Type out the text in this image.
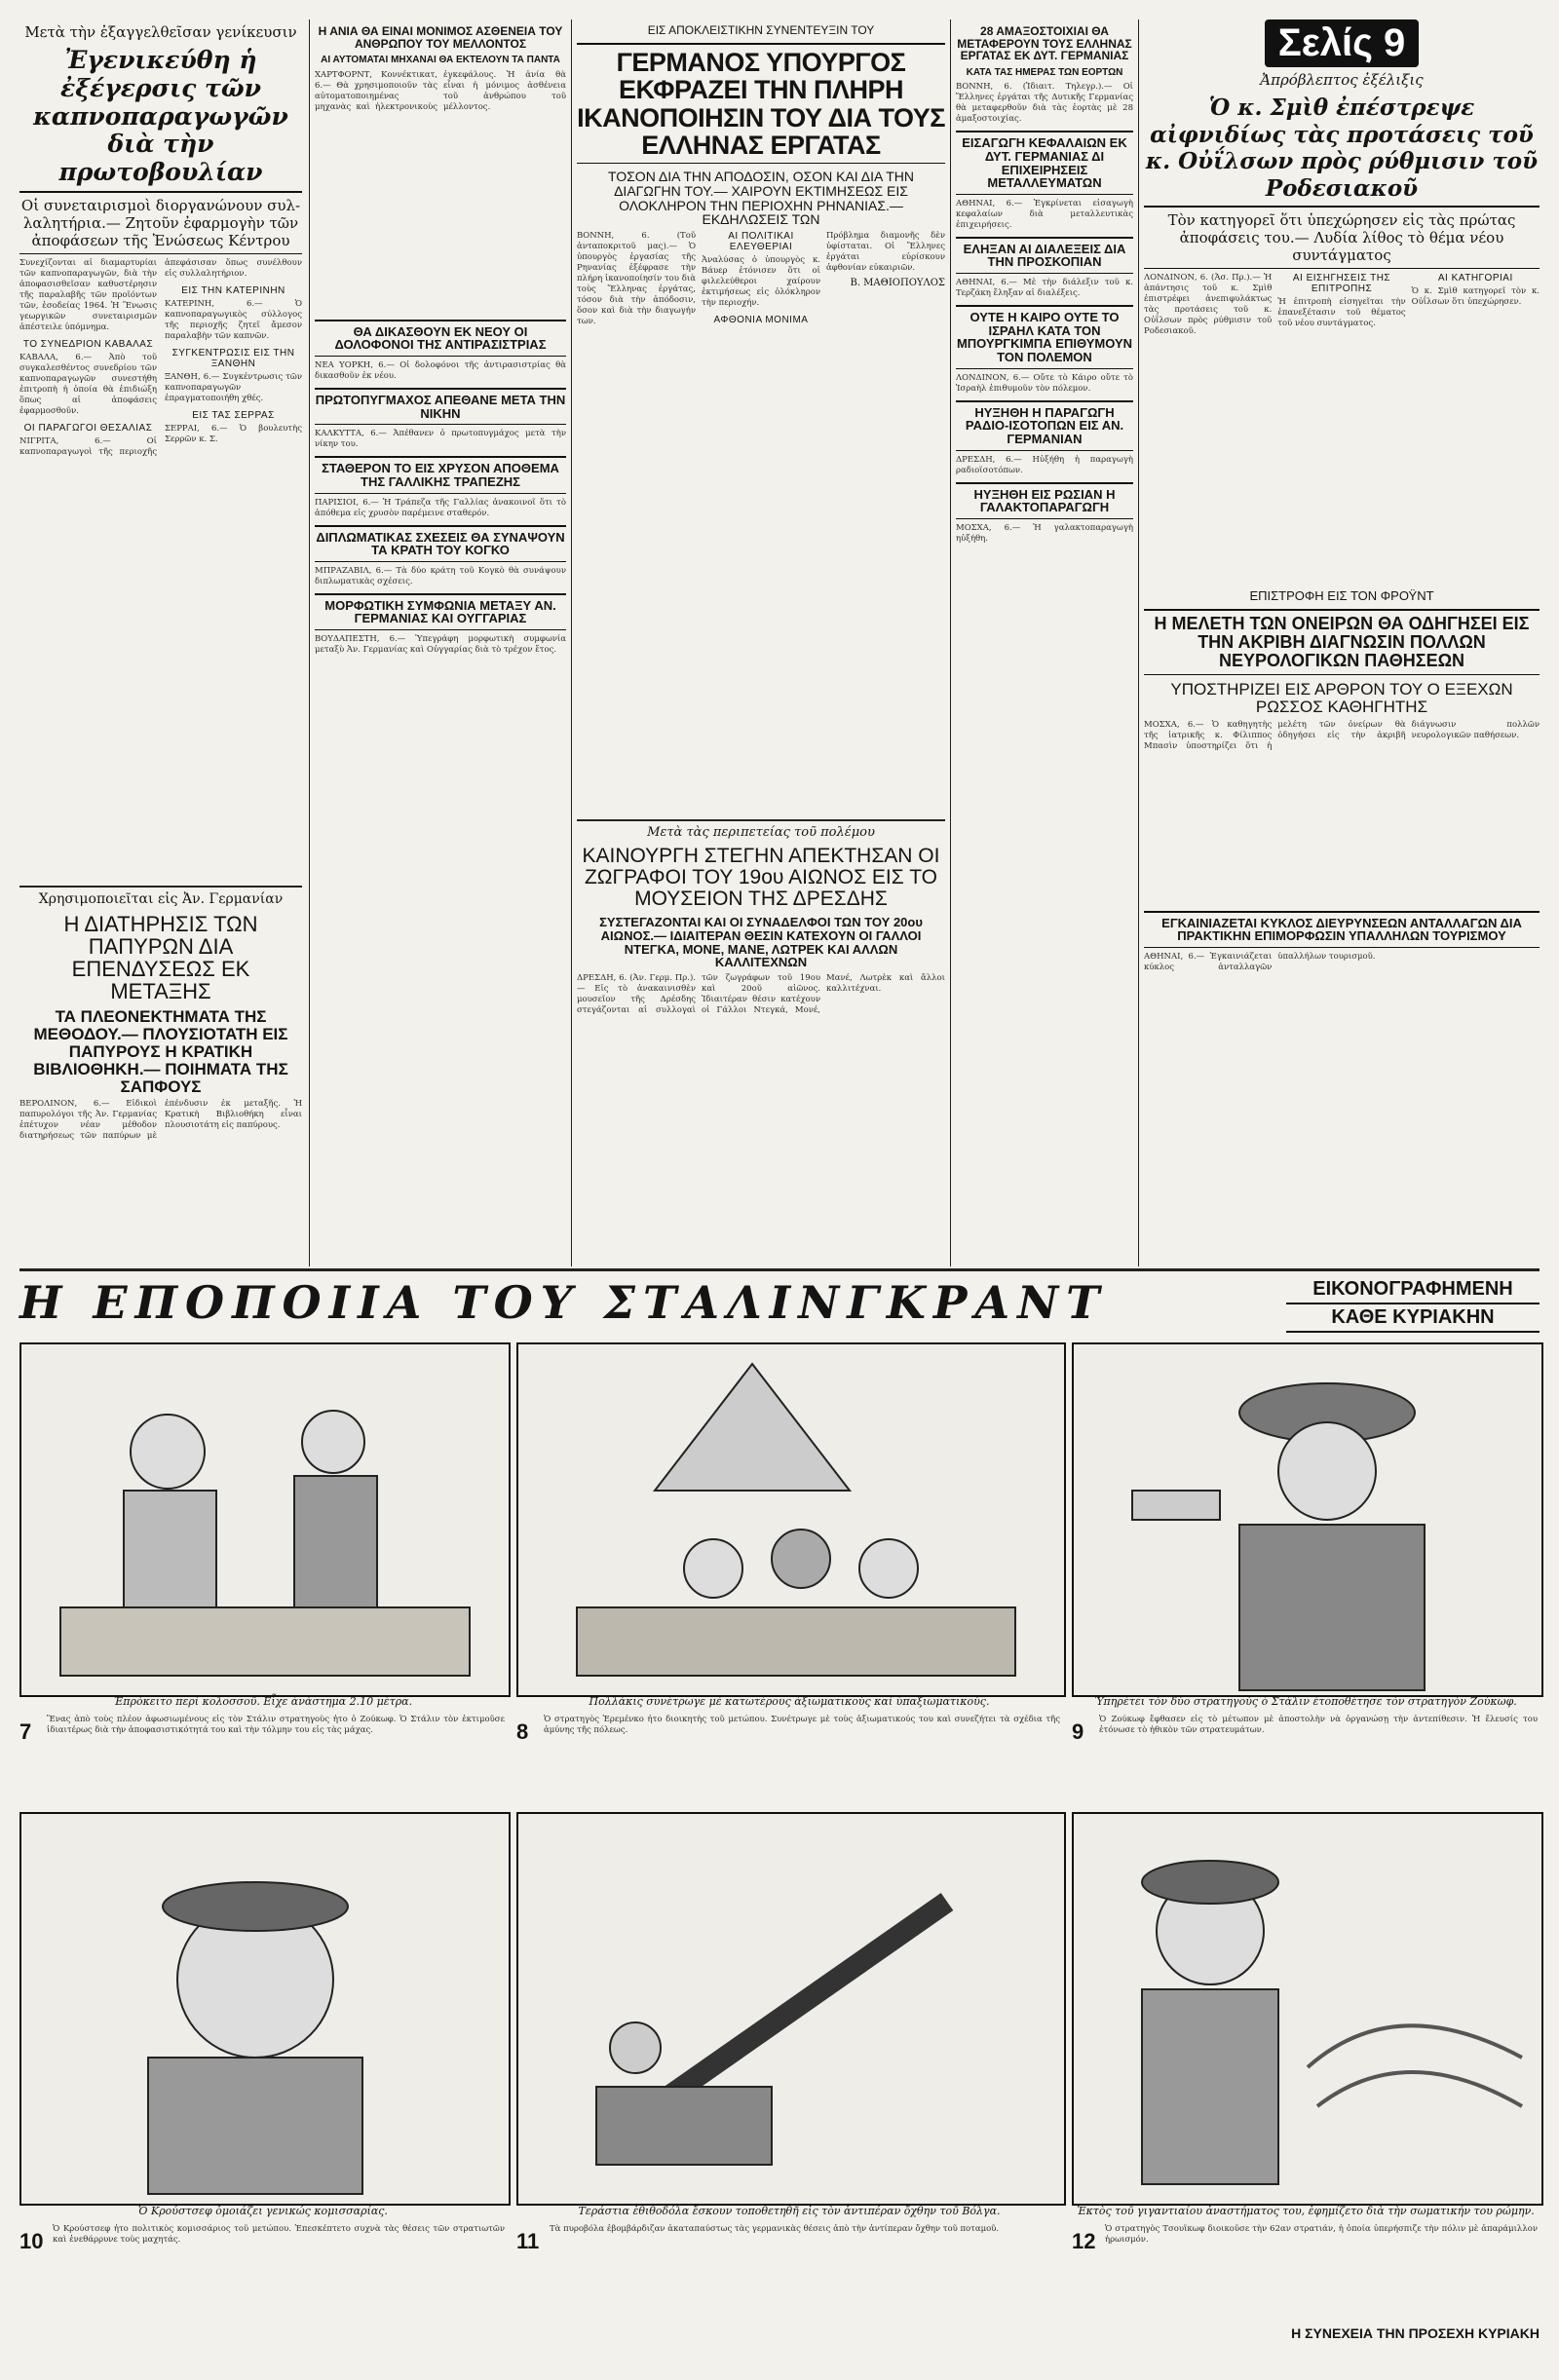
Μετὰ τὴν ἐξαγγελθεῖσαν γενίκευσιν
Ἐγενικεύθη ἡ ἐξέγερσις τῶν καπνοπαραγωγῶν διὰ τὴν πρωτοβουλίαν
Οἱ συνεταιρισμοὶ διοργανώνουν συλ-λαλητήρια.— Ζητοῦν ἐφαρμογὴν τῶν ἀποφάσεων τῆς Ἑνώσεως Κέντρου

Συνεχίζονται αἱ διαμαρτυρίαι τῶν καπνοπαραγωγῶν, διὰ τὴν ἀποφασισθεῖσαν καθυστέρησιν τῆς παραλαβῆς τῶν προϊόντων τῶν, ἐσοδείας 1964. Ἡ Ἕνωσις γεωργικῶν συνεταιρισμῶν ἀπέστειλε ὑπόμνημα.

ΤΟ ΣΥΝΕΔΡΙΟΝ ΚΑΒΑΛΑΣ

ΚΑΒΑΛΑ, 6.— Ἀπὸ τοῦ συγκαλεσθέντος συνεδρίου τῶν καπνοπαραγωγῶν συνεστήθη ἐπιτροπὴ ἡ ὁποία θὰ ἐπιδιώξη ὅπως αἱ ἀποφάσεις ἐφαρμοσθοῦν.

ΟΙ ΠΑΡΑΓΩΓΟΙ ΘΕΣΑΛΙΑΣ

ΝΙΓΡΙΤΑ, 6.— Οἱ καπνοπαραγωγοὶ τῆς περιοχῆς ἀπεφάσισαν ὅπως συνέλθουν εἰς συλλαλητήριον.

ΕΙΣ ΤΗΝ ΚΑΤΕΡΙΝΗΝ

ΚΑΤΕΡΙΝΗ, 6.— Ὁ καπνοπαραγωγικὸς σύλλογος τῆς περιοχῆς ζητεῖ ἄμεσον παραλαβὴν τῶν καπνῶν.

ΣΥΓΚΕΝΤΡΩΣΙΣ ΕΙΣ ΤΗΝ ΞΑΝΘΗΝ

ΞΑΝΘΗ, 6.— Συγκέντρωσις τῶν καπνοπαραγωγῶν ἐπραγματοποιήθη χθές.

ΕΙΣ ΤΑΣ ΣΕΡΡΑΣ

ΣΕΡΡΑΙ, 6.— Ὁ βουλευτὴς Σερρῶν κ. Σ.

Χρησιμοποιεῖται εἰς Ἀν. Γερμανίαν
Η ΔΙΑΤΗΡΗΣΙΣ ΤΩΝ ΠΑΠΥΡΩΝ ΔΙΑ ΕΠΕΝΔΥΣΕΩΣ ΕΚ ΜΕΤΑΞΗΣ
ΤΑ ΠΛΕΟΝΕΚΤΗΜΑΤΑ ΤΗΣ ΜΕΘΟΔΟΥ.— ΠΛΟΥΣΙΟΤΑΤΗ ΕΙΣ ΠΑΠΥΡΟΥΣ Η ΚΡΑΤΙΚΗ ΒΙΒΛΙΟΘΗΚΗ.— ΠΟΙΗΜΑΤΑ ΤΗΣ ΣΑΠΦΟΥΣ

ΒΕΡΟΛΙΝΟΝ, 6.— Εἰδικοὶ παπυρολόγοι τῆς Ἀν. Γερμανίας ἐπέτυχον νέαν μέθοδον διατηρήσεως τῶν παπύρων μὲ ἐπένδυσιν ἐκ μεταξῆς. Ἡ Κρατικὴ Βιβλιοθήκη εἶναι πλουσιοτάτη εἰς παπύρους.

Η ΑΝΙΑ ΘΑ ΕΙΝΑΙ ΜΟΝΙΜΟΣ ΑΣΘΕΝΕΙΑ ΤΟΥ ΑΝΘΡΩΠΟΥ ΤΟΥ ΜΕΛΛΟΝΤΟΣ
ΑΙ ΑΥΤΟΜΑΤΑΙ ΜΗΧΑΝΑΙ ΘΑ ΕΚΤΕΛΟΥΝ ΤΑ ΠΑΝΤΑ

ΧΑΡΤΦΟΡΝΤ, Κοννέκτικατ, 6.— Θὰ χρησιμοποιοῦν τὰς αὐτοματοποιημένας μηχανὰς καὶ ἡλεκτρονικοὺς ἐγκεφάλους. Ἡ ἀνία θὰ εἶναι ἡ μόνιμος ἀσθένεια τοῦ ἀνθρώπου τοῦ μέλλοντος.

ΘΑ ΔΙΚΑΣΘΟΥΝ ΕΚ ΝΕΟΥ ΟΙ ΔΟΛΟΦΟΝΟΙ ΤΗΣ ΑΝΤΙΡΑΣΙΣΤΡΙΑΣ

ΝΕΑ ΥΟΡΚΗ, 6.— Οἱ δολοφόνοι τῆς ἀντιρασιστρίας θὰ δικασθοῦν ἐκ νέου.

ΠΡΩΤΟΠΥΓΜΑΧΟΣ ΑΠΕΘΑΝΕ ΜΕΤΑ ΤΗΝ ΝΙΚΗΝ

ΚΑΛΚΥΤΤΑ, 6.— Ἀπέθανεν ὁ πρωτοπυγμάχος μετὰ τὴν νίκην του.

ΣΤΑΘΕΡΟΝ ΤΟ ΕΙΣ ΧΡΥΣΟΝ ΑΠΟΘΕΜΑ ΤΗΣ ΓΑΛΛΙΚΗΣ ΤΡΑΠΕΖΗΣ

ΠΑΡΙΣΙΟΙ, 6.— Ἡ Τράπεζα τῆς Γαλλίας ἀνακοινοῖ ὅτι τὸ ἀπόθεμα εἰς χρυσὸν παρέμεινε σταθερόν.

ΔΙΠΛΩΜΑΤΙΚΑΣ ΣΧΕΣΕΙΣ ΘΑ ΣΥΝΑΨΟΥΝ ΤΑ ΚΡΑΤΗ ΤΟΥ ΚΟΓΚΟ

ΜΠΡΑΖΑΒΙΛ, 6.— Τὰ δύο κράτη τοῦ Κογκὸ θὰ συνάψουν διπλωματικὰς σχέσεις.

ΜΟΡΦΩΤΙΚΗ ΣΥΜΦΩΝΙΑ ΜΕΤΑΞΥ ΑΝ. ΓΕΡΜΑΝΙΑΣ ΚΑΙ ΟΥΓΓΑΡΙΑΣ

ΒΟΥΔΑΠΕΣΤΗ, 6.— Ὑπεγράφη μορφωτικὴ συμφωνία μεταξὺ Ἀν. Γερμανίας καὶ Οὐγγαρίας διὰ τὸ τρέχον ἔτος.

ΕΙΣ ΑΠΟΚΛΕΙΣΤΙΚΗΝ ΣΥΝΕΝΤΕΥΞΙΝ ΤΟΥ
ΓΕΡΜΑΝΟΣ ΥΠΟΥΡΓΟΣ ΕΚΦΡΑΖΕΙ ΤΗΝ ΠΛΗΡΗ ΙΚΑΝΟΠΟΙΗΣΙΝ ΤΟΥ ΔΙΑ ΤΟΥΣ ΕΛΛΗΝΑΣ ΕΡΓΑΤΑΣ
ΤΟΣΟΝ ΔΙΑ ΤΗΝ ΑΠΟΔΟΣΙΝ, ΟΣΟΝ ΚΑΙ ΔΙΑ ΤΗΝ ΔΙΑΓΩΓΗΝ ΤΟΥ.— ΧΑΙΡΟΥΝ ΕΚΤΙΜΗΣΕΩΣ ΕΙΣ ΟΛΟΚΛΗΡΟΝ ΤΗΝ ΠΕΡΙΟΧΗΝ ΡΗΝΑΝΙΑΣ.— ΕΚΔΗΛΩΣΕΙΣ ΤΩΝ

ΒΟΝΝΗ, 6. (Τοῦ ἀνταποκριτοῦ μας).— Ὁ ὑπουργὸς ἐργασίας τῆς Ρηνανίας ἐξέφρασε τὴν πλήρη ἱκανοποίησίν του διὰ τοὺς Ἕλληνας ἐργάτας, τόσον διὰ τὴν ἀπόδοσιν, ὅσον καὶ διὰ τὴν διαγωγήν των.

ΑΙ ΠΟΛΙΤΙΚΑΙ ΕΛΕΥΘΕΡΙΑΙ

Ἀναλύσας ὁ ὑπουργὸς κ. Βάυερ ἐτόνισεν ὅτι οἱ φιλελεύθεροι χαίρουν ἐκτιμήσεως εἰς ὁλόκληρον τὴν περιοχήν.

ΑΦΘΟΝΙΑ ΜΟΝΙΜΑ

Πρόβλημα διαμονῆς δὲν ὑφίσταται. Οἱ Ἕλληνες ἐργάται εὑρίσκουν ἀφθονίαν εὐκαιριῶν.

Β. ΜΑΘΙΟΠΟΥΛΟΣ
Μετὰ τὰς περιπετείας τοῦ πολέμου
ΚΑΙΝΟΥΡΓΗ ΣΤΕΓΗΝ ΑΠΕΚΤΗΣΑΝ ΟΙ ΖΩΓΡΑΦΟΙ ΤΟΥ 19ου ΑΙΩΝΟΣ ΕΙΣ ΤΟ ΜΟΥΣΕΙΟΝ ΤΗΣ ΔΡΕΣΔΗΣ
ΣΥΣΤΕΓΑΖΟΝΤΑΙ ΚΑΙ ΟΙ ΣΥΝΑΔΕΛΦΟΙ ΤΩΝ ΤΟΥ 20ου ΑΙΩΝΟΣ.— ΙΔΙΑΙΤΕΡΑΝ ΘΕΣΙΝ ΚΑΤΕΧΟΥΝ ΟΙ ΓΑΛΛΟΙ ΝΤΕΓΚΑ, ΜΟΝΕ, ΜΑΝΕ, ΛΩΤΡΕΚ ΚΑΙ ΑΛΛΩΝ ΚΑΛΛΙΤΕΧΝΩΝ

ΔΡΕΣΔΗ, 6. (Ἀν. Γερμ. Πρ.).— Εἰς τὸ ἀνακαινισθὲν μουσεῖον τῆς Δρέσδης στεγάζονται αἱ συλλογαὶ τῶν ζωγράφων τοῦ 19ου καὶ 20οῦ αἰῶνος. Ἰδιαιτέραν θέσιν κατέχουν οἱ Γάλλοι Ντεγκά, Μονέ, Μανέ, Λωτρὲκ καὶ ἄλλοι καλλιτέχναι.

28 ΑΜΑΞΟΣΤΟΙΧΙΑΙ ΘΑ ΜΕΤΑΦΕΡΟΥΝ ΤΟΥΣ ΕΛΛΗΝΑΣ ΕΡΓΑΤΑΣ ΕΚ ΔΥΤ. ΓΕΡΜΑΝΙΑΣ
ΚΑΤΑ ΤΑΣ ΗΜΕΡΑΣ ΤΩΝ ΕΟΡΤΩΝ

ΒΟΝΝΗ, 6. (Ἰδιαιτ. Τηλεγρ.).— Οἱ Ἕλληνες ἐργάται τῆς Δυτικῆς Γερμανίας θὰ μεταφερθοῦν διὰ τὰς ἑορτὰς μὲ 28 ἀμαξοστοιχίας.

ΕΙΣΑΓΩΓΗ ΚΕΦΑΛΑΙΩΝ ΕΚ ΔΥΤ. ΓΕΡΜΑΝΙΑΣ ΔΙ ΕΠΙΧΕΙΡΗΣΕΙΣ ΜΕΤΑΛΛΕΥΜΑΤΩΝ

ΑΘΗΝΑΙ, 6.— Ἐγκρίνεται εἰσαγωγὴ κεφαλαίων διὰ μεταλλευτικὰς ἐπιχειρήσεις.

ΕΛΗΞΑΝ ΑΙ ΔΙΑΛΕΞΕΙΣ ΔΙΑ ΤΗΝ ΠΡΟΣΚΟΠΙΑΝ

ΑΘΗΝΑΙ, 6.— Μὲ τὴν διάλεξιν τοῦ κ. Τερζάκη ἔληξαν αἱ διαλέξεις.

ΟΥΤΕ Η ΚΑΙΡΟ ΟΥΤΕ ΤΟ ΙΣΡΑΗΛ ΚΑΤΑ ΤΟΝ ΜΠΟΥΡΓΚΙΜΠΑ ΕΠΙΘΥΜΟΥΝ ΤΟΝ ΠΟΛΕΜΟΝ

ΛΟΝΔΙΝΟΝ, 6.— Οὔτε τὸ Κάιρο οὔτε τὸ Ἰσραὴλ ἐπιθυμοῦν τὸν πόλεμον.

ΗΥΞΗΘΗ Η ΠΑΡΑΓΩΓΗ ΡΑΔΙΟ-ΙΣΟΤΟΠΩΝ ΕΙΣ ΑΝ. ΓΕΡΜΑΝΙΑΝ

ΔΡΕΣΔΗ, 6.— Ηὐξήθη ἡ παραγωγὴ ραδιοϊσοτόπων.

ΗΥΞΗΘΗ ΕΙΣ ΡΩΣΙΑΝ Η ΓΑΛΑΚΤΟΠΑΡΑΓΩΓΗ

ΜΟΣΧΑ, 6.— Ἡ γαλακτοπαραγωγὴ ηὐξήθη.

Σελίς 9
Ἀπρόβλεπτος ἐξέλιξις
Ὁ κ. Σμὶθ ἐπέστρεψε αἰφνιδίως τὰς προτάσεις τοῦ κ. Οὐΐλσων πρὸς ρύθμισιν τοῦ Ροδεσιακοῦ
Τὸν κατηγορεῖ ὅτι ὑπεχώρησεν εἰς τὰς πρώτας ἀποφάσεις του.— Λυδία λίθος τὸ θέμα νέου συντάγματος

ΛΟΝΔΙΝΟΝ, 6. (Ἀσ. Πρ.).— Ἡ ἀπάντησις τοῦ κ. Σμὶθ ἐπιστρέφει ἀνεπιφυλάκτως τὰς προτάσεις τοῦ κ. Οὐΐλσων πρὸς ρύθμισιν τοῦ Ροδεσιακοῦ.

ΑΙ ΕΙΣΗΓΗΣΕΙΣ ΤΗΣ ΕΠΙΤΡΟΠΗΣ

Ἡ ἐπιτροπὴ εἰσηγεῖται τὴν ἐπανεξέτασιν τοῦ θέματος τοῦ νέου συντάγματος.

ΑΙ ΚΑΤΗΓΟΡΙΑΙ

Ὁ κ. Σμὶθ κατηγορεῖ τὸν κ. Οὐΐλσων ὅτι ὑπεχώρησεν.

ΕΠΙΣΤΡΟΦΗ ΕΙΣ ΤΟΝ ΦΡΟΫΝΤ
Η ΜΕΛΕΤΗ ΤΩΝ ΟΝΕΙΡΩΝ ΘΑ ΟΔΗΓΗΣΕΙ ΕΙΣ ΤΗΝ ΑΚΡΙΒΗ ΔΙΑΓΝΩΣΙΝ ΠΟΛΛΩΝ ΝΕΥΡΟΛΟΓΙΚΩΝ ΠΑΘΗΣΕΩΝ
ΥΠΟΣΤΗΡΙΖΕΙ ΕΙΣ ΑΡΘΡΟΝ ΤΟΥ Ο ΕΞΕΧΩΝ ΡΩΣΣΟΣ ΚΑΘΗΓΗΤΗΣ

ΜΟΣΧΑ, 6.— Ὁ καθηγητὴς τῆς ἰατρικῆς κ. Φίλιππος Μπασὶν ὑποστηρίζει ὅτι ἡ μελέτη τῶν ὀνείρων θὰ ὁδηγήσει εἰς τὴν ἀκριβῆ διάγνωσιν πολλῶν νευρολογικῶν παθήσεων.

ΕΓΚΑΙΝΙΑΖΕΤΑΙ ΚΥΚΛΟΣ ΔΙΕΥΡΥΝΣΕΩΝ ΑΝΤΑΛΛΑΓΩΝ ΔΙΑ ΠΡΑΚΤΙΚΗΝ ΕΠΙΜΟΡΦΩΣΙΝ ΥΠΑΛΛΗΛΩΝ ΤΟΥΡΙΣΜΟΥ

ΑΘΗΝΑΙ, 6.— Ἐγκαινιάζεται κύκλος ἀνταλλαγῶν ὑπαλλήλων τουρισμοῦ.

Η ΕΠΟΠΟΙΙΑ ΤΟΥ ΣΤΑΛΙΝΓΚΡΑΝΤ	ΕΙΚΟΝΟΓΡΑΦΗΜΕΝΗ
ΚΑΘΕ ΚΥΡΙΑΚΗΝ
Ἐπρόκειτο περὶ κολοσσοῦ. Εἶχε ἀνάστημα 2.10 μέτρα.	Πολλάκις συνέτρωγε μὲ κατωτέρους ἀξιωματικοὺς καὶ ὑπαξιωματικούς.	Ὑπηρέτει τὸν δύο στρατηγοὺς ὁ Στάλιν ἐτοποθέτησε τὸν στρατηγὸν Ζούκωφ.
7 Ἕνας ἀπὸ τοὺς πλέον ἀφωσιωμένους εἰς τὸν Στάλιν στρατηγοὺς ἦτο ὁ Ζούκωφ. Ὁ Στάλιν τὸν ἐκτιμοῦσε ἰδιαιτέρως διὰ τὴν ἀποφασιστικότητά του καὶ τὴν τόλμην του εἰς τὰς μάχας.	8 Ὁ στρατηγὸς Ἐρεμένκο ἦτο διοικητὴς τοῦ μετώπου. Συνέτρωγε μὲ τοὺς ἀξιωματικούς του καὶ συνεζήτει τὰ σχέδια τῆς ἀμύνης τῆς πόλεως.	9 Ὁ Ζούκωφ ἔφθασεν εἰς τὸ μέτωπον μὲ ἀποστολὴν νὰ ὀργανώσῃ τὴν ἀντεπίθεσιν. Ἡ ἔλευσίς του ἐτόνωσε τὸ ἠθικὸν τῶν στρατευμάτων.
Ὁ Κρούστσεφ ὁμοιάζει γενικώς κομισσαρίας.	Τεράστια ἐθιθοδόλα ἔσκουν τοποθετηθῆ εἰς τὸν ἀντιπέραν ὄχθην τοῦ Βόλγα.	Ἐκτὸς τοῦ γιγαντιαίου ἀναστήματος του, ἐφημίζετο διὰ τὴν σωματικήν του ρώμην.
10 Ὁ Κρούστσεφ ἦτο πολιτικὸς κομισσάριος τοῦ μετώπου. Ἐπεσκέπτετο συχνὰ τὰς θέσεις τῶν στρατιωτῶν καὶ ἐνεθάρρυνε τοὺς μαχητάς.	11 Τὰ πυροβόλα ἐβομβάρδιζαν ἀκαταπαύστως τὰς γερμανικὰς θέσεις ἀπὸ τὴν ἀντίπεραν ὄχθην τοῦ ποταμοῦ.	12 Ὁ στρατηγὸς Τσουΐκωφ διοικοῦσε τὴν 62αν στρατιάν, ἡ ὁποία ὑπερήσπιζε τὴν πόλιν μὲ ἀπαράμιλλον ἡρωισμόν.
Η ΣΥΝΕΧΕΙΑ ΤΗΝ ΠΡΟΣΕΧΗ ΚΥΡΙΑΚΗ
